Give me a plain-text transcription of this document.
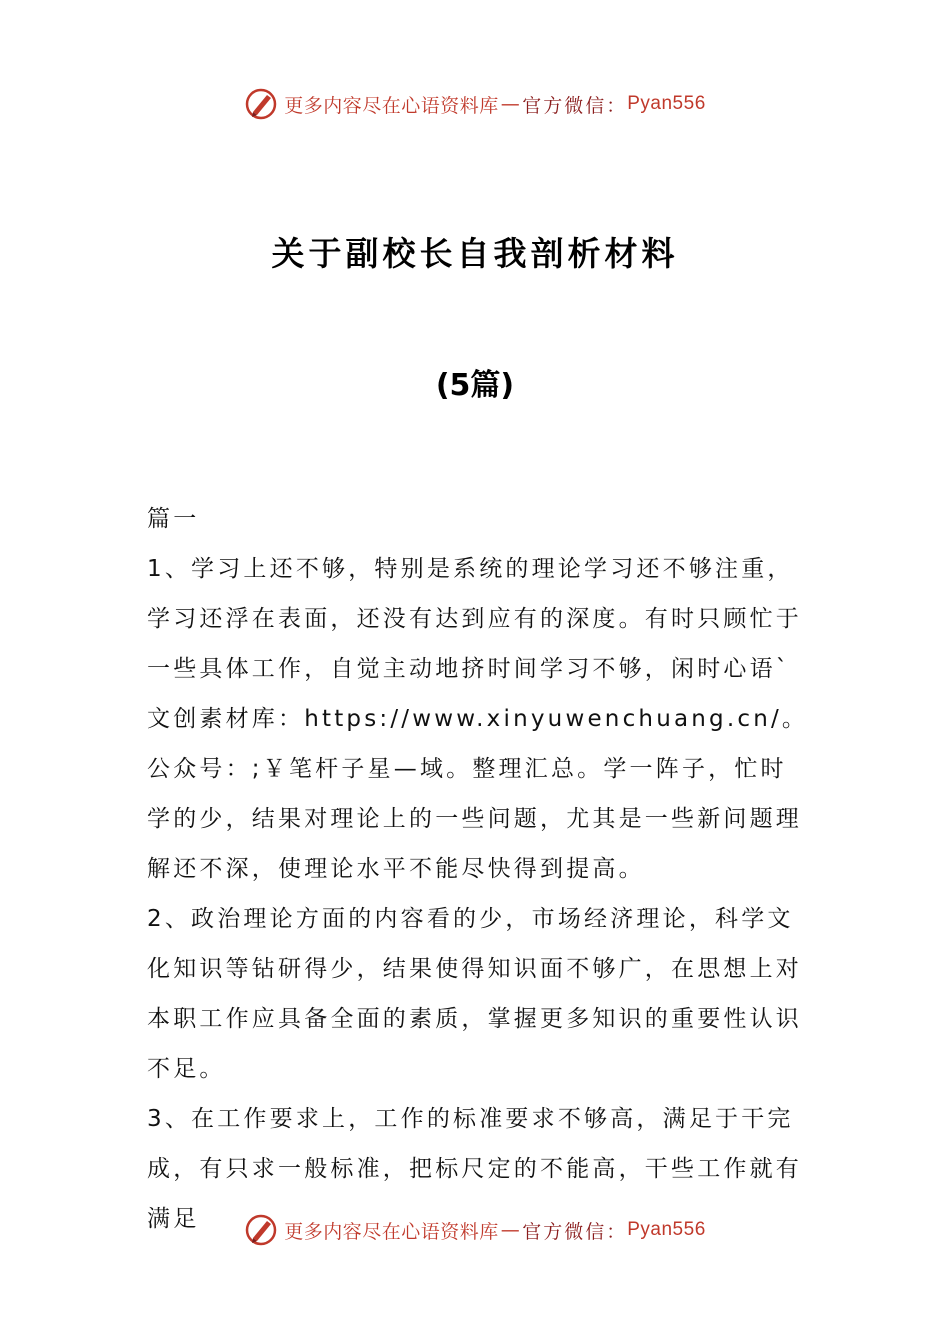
更多内容尽在心语资料库 — 官方微信： Pyan556
关于副校长自我剖析材料
(5篇)

篇一

1、学习上还不够，特别是系统的理论学习还不够注重，学习还浮在表面，还没有达到应有的深度。有时只顾忙于一些具体工作，自觉主动地挤时间学习不够，闲时心语`文创素材库：https://www.xinyuwenchuang.cn/。公众号：;￥笔杆子星—域。整理汇总。学一阵子，忙时学的少，结果对理论上的一些问题，尤其是一些新问题理解还不深，使理论水平不能尽快得到提高。

2、政治理论方面的内容看的少，市场经济理论，科学文化知识等钻研得少，结果使得知识面不够广，在思想上对本职工作应具备全面的素质，掌握更多知识的重要性认识不足。

3、在工作要求上，工作的标准要求不够高，满足于干完成，有只求一般标准，把标尺定的不能高，干些工作就有满足	更多内容尽在心语资料库 — 官方微信： Pyan556
